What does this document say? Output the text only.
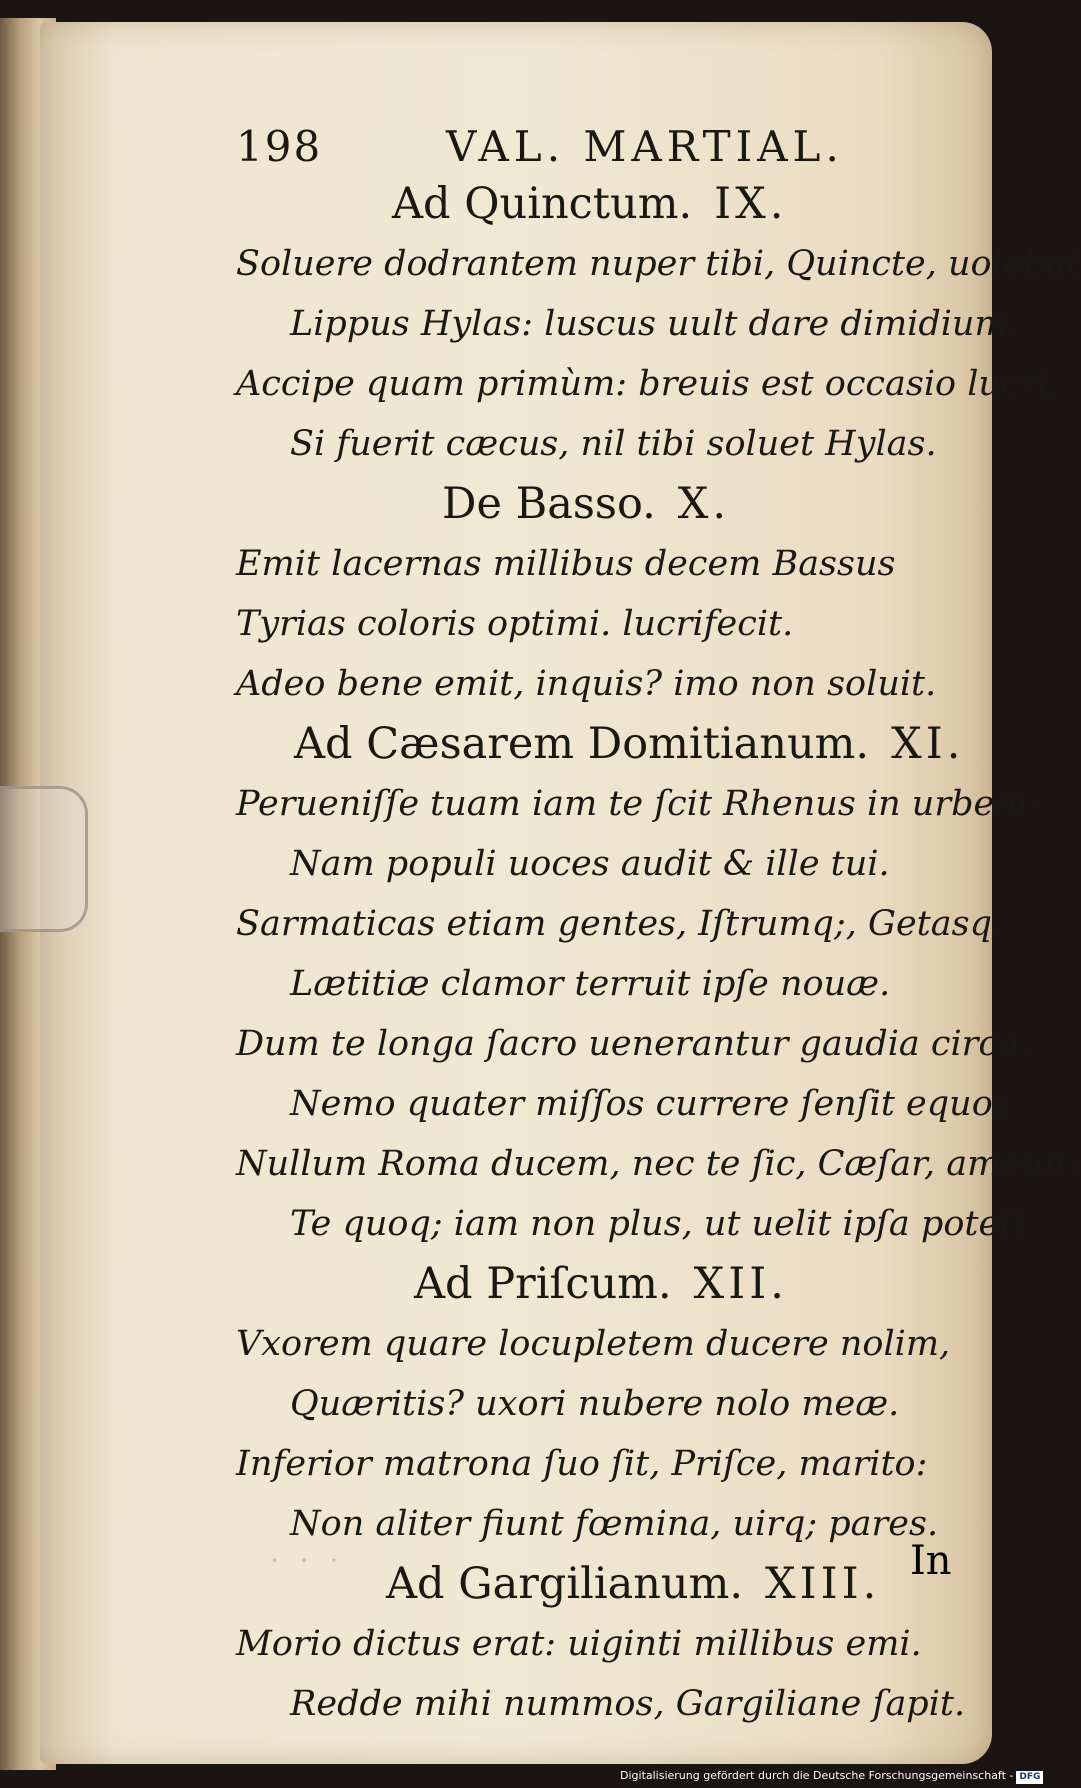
· · ·
198	VAL. MARTIAL.

Ad Quinctum. IX.

Soluere dodrantem nuper tibi, Quincte, uolebat

Lippus Hylas: luscus uult dare dimidium.

Accipe quam primùm: breuis est occasio lucri.

Si fuerit cæcus, nil tibi soluet Hylas.

De Basso. X.

Emit lacernas millibus decem Bassus

Tyrias coloris optimi. lucrifecit.

Adeo bene emit, inquis? imo non soluit.

Ad Cæsarem Domitianum. XI.

Perueniſſe tuam iam te ſcit Rhenus in urbem:

Nam populi uoces audit & ille tui.

Sarmaticas etiam gentes, Iſtrumq;, Getasq;

Lætitiæ clamor terruit ipſe nouæ.

Dum te longa ſacro uenerantur gaudia circo,

Nemo quater miſſos currere ſenſit equos.

Nullum Roma ducem, nec te ſic, Cæſar, amauit:

Te quoq; iam non plus, ut uelit ipſa poteſt.

Ad Priſcum. XII.

Vxorem quare locupletem ducere nolim,

Quæritis? uxori nubere nolo meæ.

Inferior matrona ſuo ſit, Priſce, marito:

Non aliter fiunt fœmina, uirq; pares.

Ad Gargilianum. XIII.

Morio dictus erat: uiginti millibus emi.

Redde mihi nummos, Gargiliane ſapit.

In
Digitalisierung gefördert durch die Deutsche Forschungsgemeinschaft - DFG
